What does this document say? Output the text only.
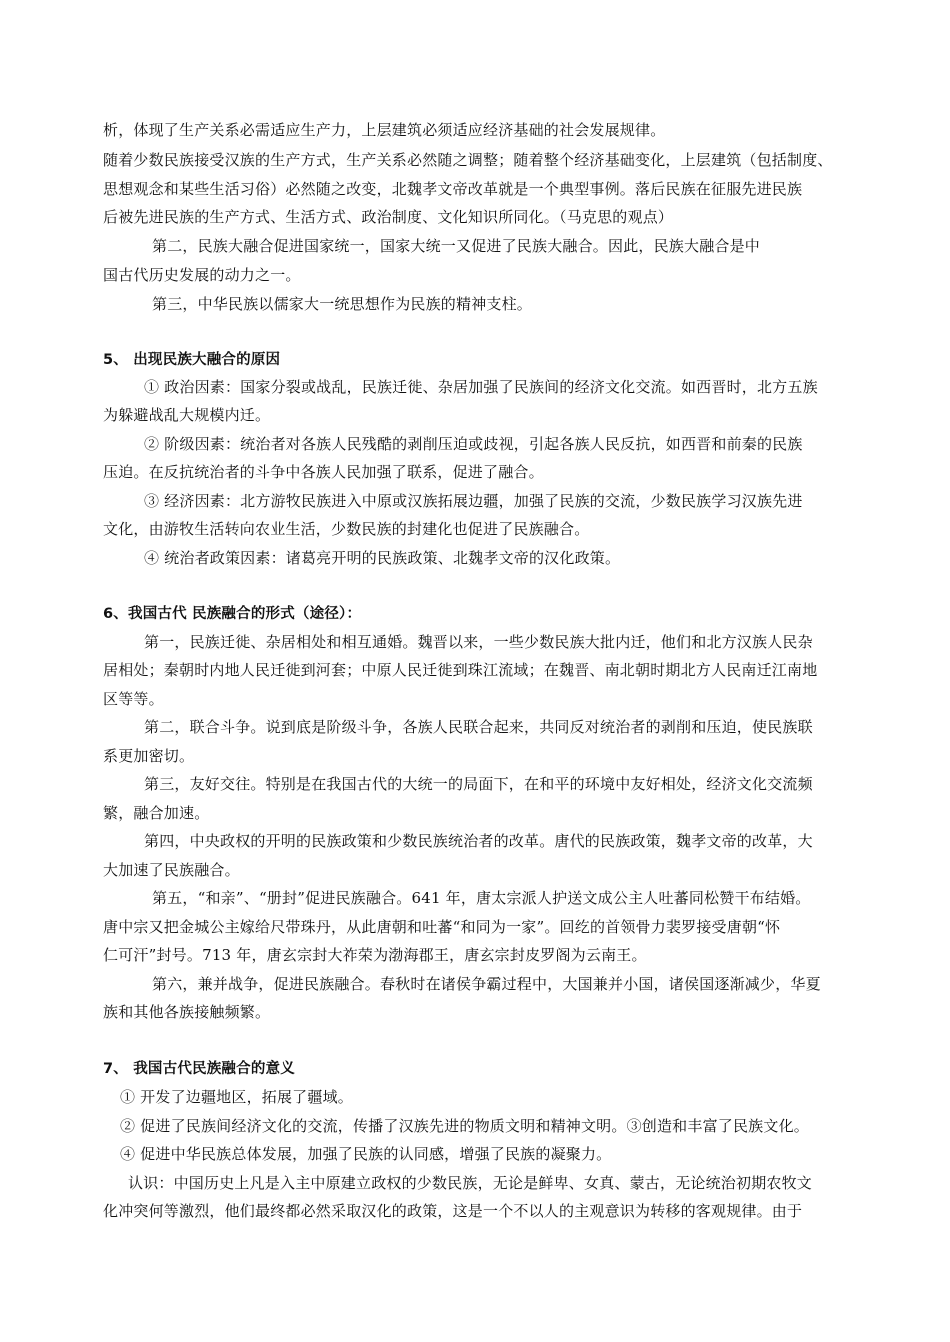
析，体现了生产关系必需适应生产力，上层建筑必须适应经济基础的社会发展规律。
随着少数民族接受汉族的生产方式，生产关系必然随之调整；随着整个经济基础变化，上层建筑（包括制度、
思想观念和某些生活习俗）必然随之改变，北魏孝文帝改革就是一个典型事例。落后民族在征服先进民族
后被先进民族的生产方式、生活方式、政治制度、文化知识所同化。（马克思的观点）
第二，民族大融合促进国家统一，国家大统一又促进了民族大融合。因此，民族大融合是中
国古代历史发展的动力之一。
第三，中华民族以儒家大一统思想作为民族的精神支柱。
5、 出现民族大融合的原因
① 政治因素：国家分裂或战乱，民族迁徙、杂居加强了民族间的经济文化交流。如西晋时，北方五族
为躲避战乱大规模内迁。
② 阶级因素：统治者对各族人民残酷的剥削压迫或歧视，引起各族人民反抗，如西晋和前秦的民族
压迫。在反抗统治者的斗争中各族人民加强了联系，促进了融合。
③ 经济因素：北方游牧民族进入中原或汉族拓展边疆，加强了民族的交流，少数民族学习汉族先进
文化，由游牧生活转向农业生活，少数民族的封建化也促进了民族融合。
④ 统治者政策因素：诸葛亮开明的民族政策、北魏孝文帝的汉化政策。
6、我国古代 民族融合的形式（途径）：
第一，民族迁徙、杂居相处和相互通婚。魏晋以来，一些少数民族大批内迁，他们和北方汉族人民杂
居相处；秦朝时内地人民迁徙到河套；中原人民迁徙到珠江流域；在魏晋、南北朝时期北方人民南迁江南地
区等等。
第二，联合斗争。说到底是阶级斗争，各族人民联合起来，共同反对统治者的剥削和压迫，使民族联
系更加密切。
第三，友好交往。特别是在我国古代的大统一的局面下，在和平的环境中友好相处，经济文化交流频
繁，融合加速。
第四，中央政权的开明的民族政策和少数民族统治者的改革。唐代的民族政策，魏孝文帝的改革，大
大加速了民族融合。
第五，“和亲”、“册封”促进民族融合。641 年，唐太宗派人护送文成公主人吐蕃同松赞干布结婚。
唐中宗又把金城公主嫁给尺带珠丹，从此唐朝和吐蕃“和同为一家”。回纥的首领骨力裴罗接受唐朝“怀
仁可汗”封号。713 年，唐玄宗封大祚荣为渤海郡王，唐玄宗封皮罗阁为云南王。
第六，兼并战争，促进民族融合。春秋时在诸侯争霸过程中，大国兼并小国，诸侯国逐渐减少，华夏
族和其他各族接触频繁。
7、 我国古代民族融合的意义
① 开发了边疆地区，拓展了疆域。
② 促进了民族间经济文化的交流，传播了汉族先进的物质文明和精神文明。③创造和丰富了民族文化。
④ 促进中华民族总体发展，加强了民族的认同感，增强了民族的凝聚力。
认识：中国历史上凡是入主中原建立政权的少数民族，无论是鲜卑、女真、蒙古，无论统治初期农牧文
化冲突何等激烈，他们最终都必然采取汉化的政策，这是一个不以人的主观意识为转移的客观规律。由于
